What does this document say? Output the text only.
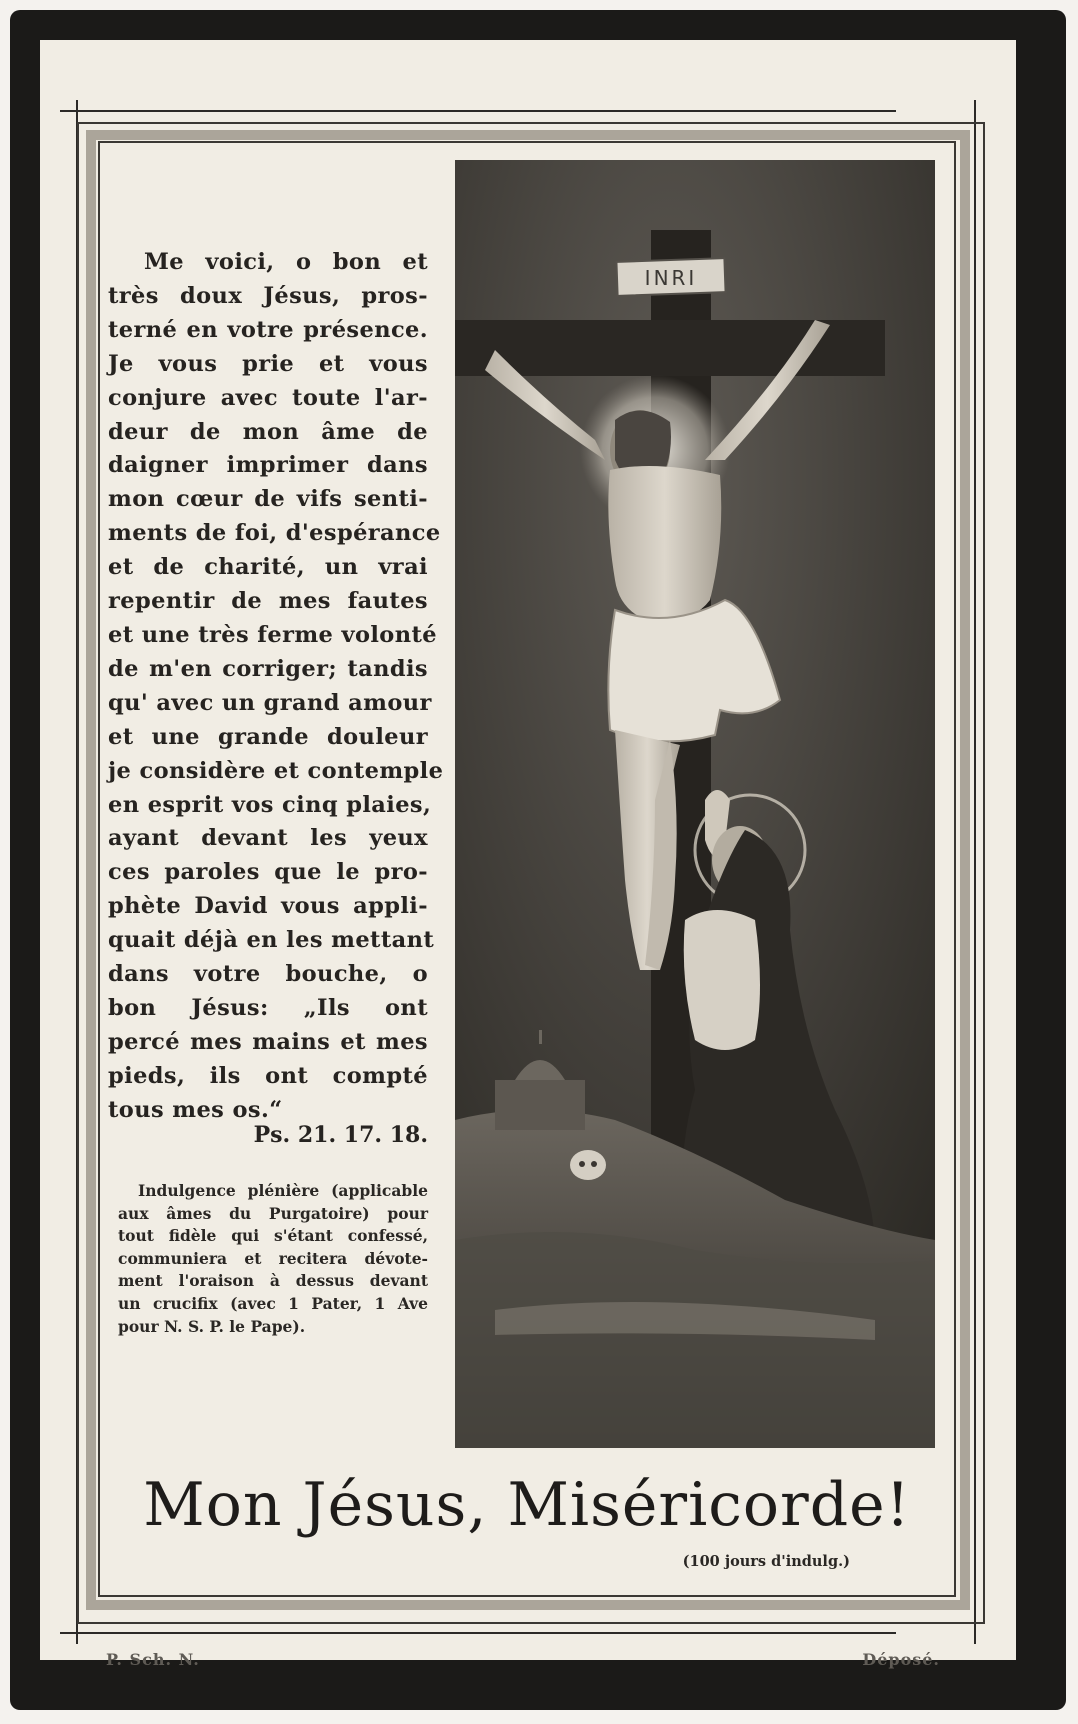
Me voici, o bon et
très doux Jésus, pros-
terné en votre présence.
Je vous prie et vous
conjure avec toute l'ar-
deur de mon âme de
daigner imprimer dans
mon cœur de vifs senti-
ments de foi, d'espérance
et de charité, un vrai
repentir de mes fautes
et une très ferme volonté
de m'en corriger; tandis
qu' avec un grand amour
et une grande douleur
je considère et contemple
en esprit vos cinq plaies,
ayant devant les yeux
ces paroles que le pro-
phète David vous appli-
quait déjà en les mettant
dans votre bouche, o
bon Jésus: „Ils ont
percé mes mains et mes
pieds, ils ont compté
tous mes os.“
Ps. 21. 17. 18.
Indulgence plénière (applicable
aux âmes du Purgatoire) pour
tout fidèle qui s'étant confessé,
communiera et recitera dévote-
ment l'oraison à dessus devant
un crucifix (avec 1 Pater, 1 Ave
pour N. S. P. le Pape).
INRI
Mon Jésus, Miséricorde!
(100 jours d'indulg.)
P. Sch. N.	Déposé.
